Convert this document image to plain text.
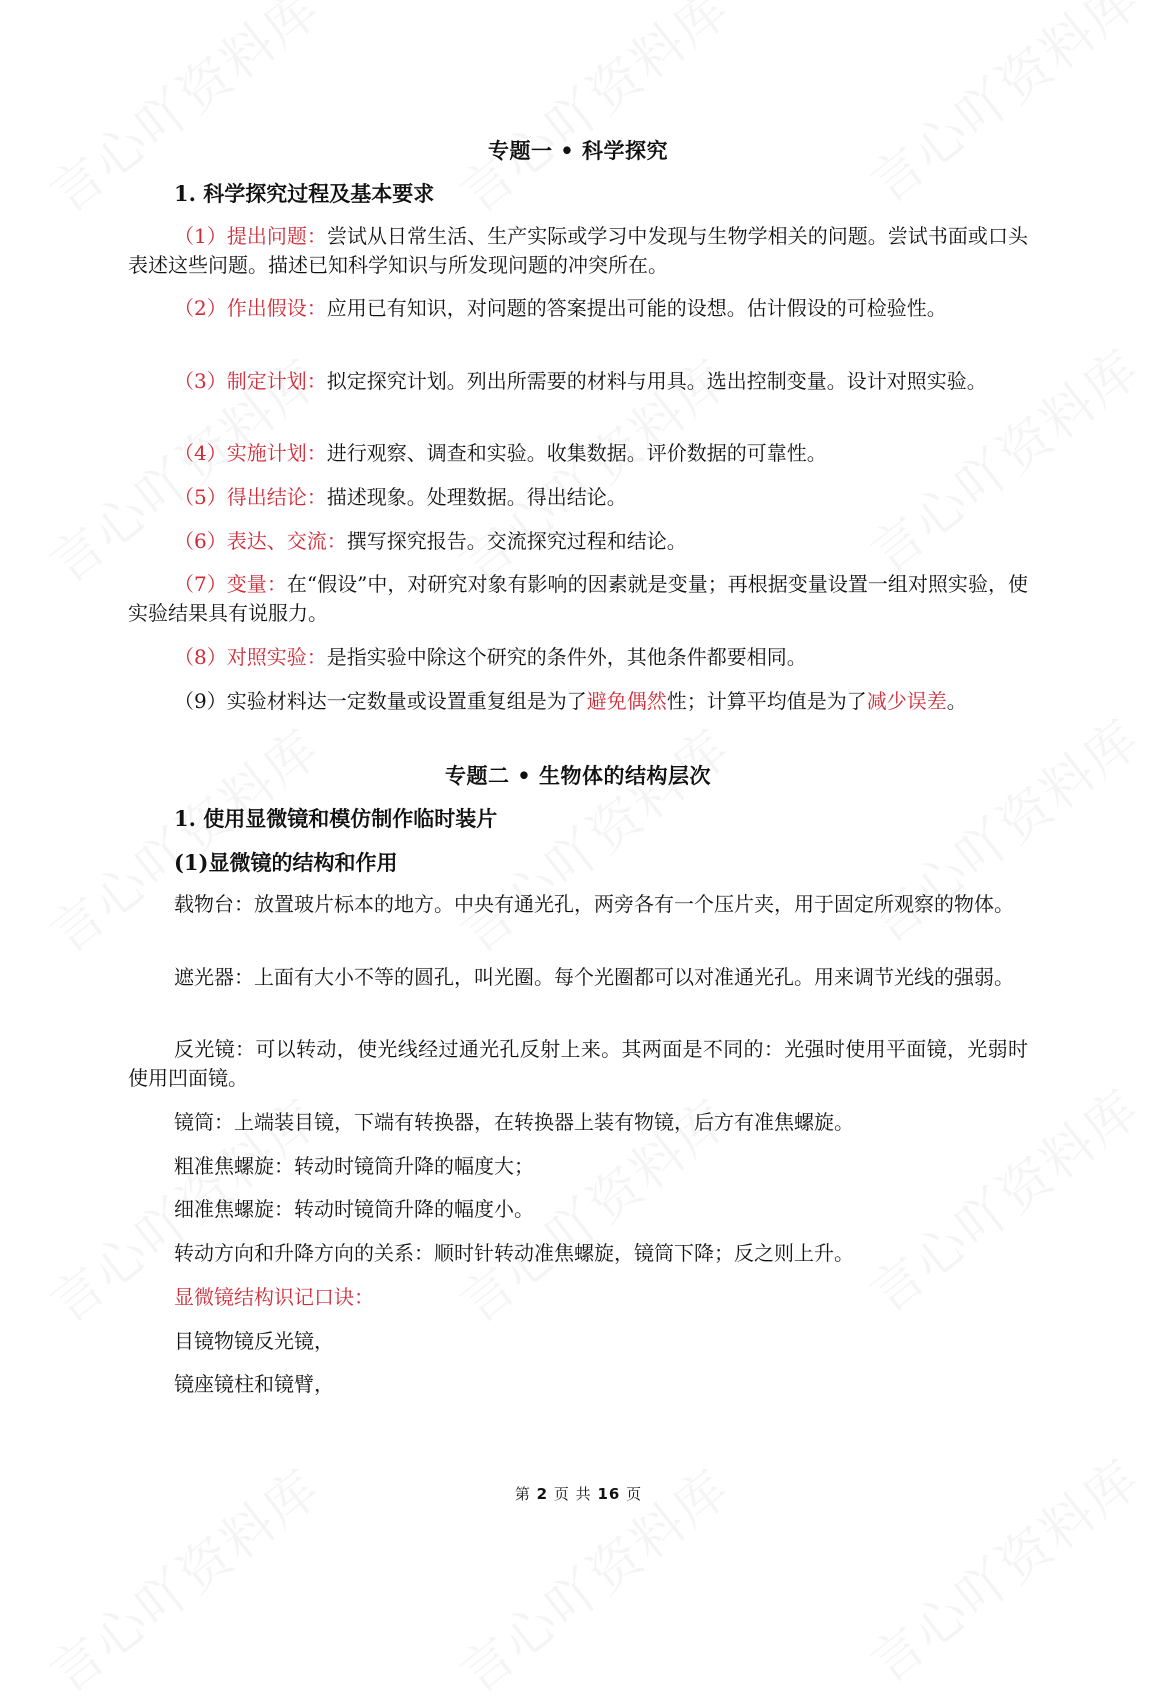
专题一 • 科学探究
1. 科学探究过程及基本要求
（1）提出问题：尝试从日常生活、生产实际或学习中发现与生物学相关的问题。尝试书面或口头表述这些问题。描述已知科学知识与所发现问题的冲突所在。
（2）作出假设：应用已有知识，对问题的答案提出可能的设想。估计假设的可检验性。
（3）制定计划：拟定探究计划。列出所需要的材料与用具。选出控制变量。设计对照实验。
（4）实施计划：进行观察、调查和实验。收集数据。评价数据的可靠性。
（5）得出结论：描述现象。处理数据。得出结论。
（6）表达、交流：撰写探究报告。交流探究过程和结论。
（7）变量：在“假设”中，对研究对象有影响的因素就是变量；再根据变量设置一组对照实验，使实验结果具有说服力。
（8）对照实验：是指实验中除这个研究的条件外，其他条件都要相同。
（9）实验材料达一定数量或设置重复组是为了避免偶然性；计算平均值是为了减少误差。
专题二 • 生物体的结构层次
1. 使用显微镜和模仿制作临时装片
(1)显微镜的结构和作用
载物台：放置玻片标本的地方。中央有通光孔，两旁各有一个压片夹，用于固定所观察的物体。
遮光器：上面有大小不等的圆孔，叫光圈。每个光圈都可以对准通光孔。用来调节光线的强弱。
反光镜：可以转动，使光线经过通光孔反射上来。其两面是不同的：光强时使用平面镜，光弱时使用凹面镜。
镜筒：上端装目镜，下端有转换器，在转换器上装有物镜，后方有准焦螺旋。
粗准焦螺旋：转动时镜筒升降的幅度大；
细准焦螺旋：转动时镜筒升降的幅度小。
转动方向和升降方向的关系：顺时针转动准焦螺旋，镜筒下降；反之则上升。
显微镜结构识记口诀：
目镜物镜反光镜，
镜座镜柱和镜臂，
第 2 页 共 16 页
